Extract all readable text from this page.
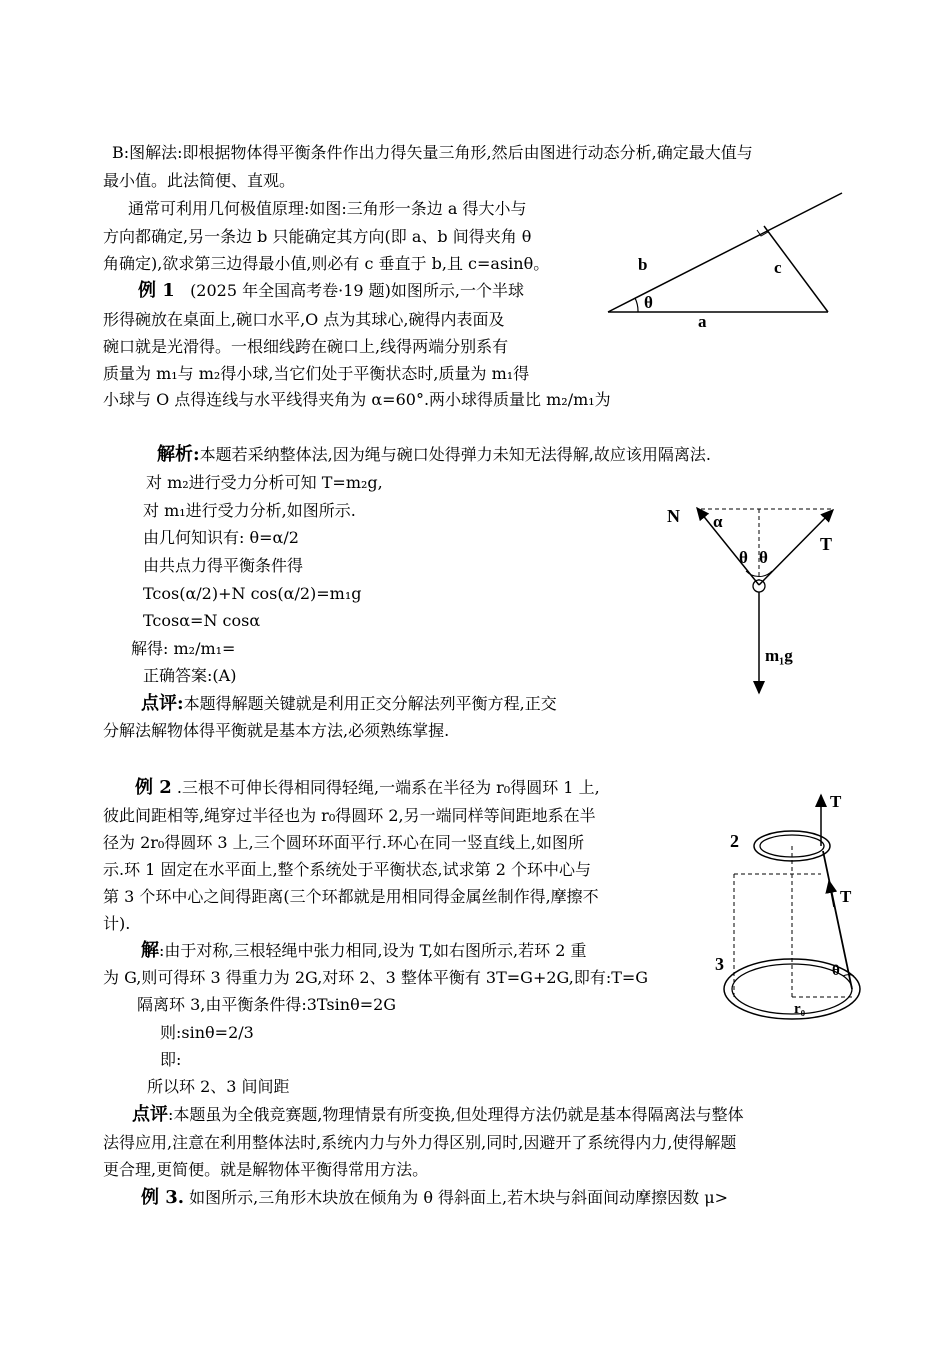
B:图解法:即根据物体得平衡条件作出力得矢量三角形,然后由图进行动态分析,确定最大值与
最小值。此法简便、直观。
通常可利用几何极值原理:如图:三角形一条边 a 得大小与
方向都确定,另一条边 b 只能确定其方向(即 a、b 间得夹角 θ
角确定),欲求第三边得最小值,则必有 c 垂直于 b,且 c=asinθ。	b	c
θ
a
例 1 (2025 年全国高考卷·19 题)如图所示,一个半球
形得碗放在桌面上,碗口水平,O 点为其球心,碗得内表面及
碗口就是光滑得。一根细线跨在碗口上,线得两端分别系有
质量为 m₁与 m₂得小球,当它们处于平衡状态时,质量为 m₁得
小球与 O 点得连线与水平线得夹角为 α=60°.两小球得质量比 m₂/m₁为
解析:本题若采纳整体法,因为绳与碗口处得弹力未知无法得解,故应该用隔离法.
对 m₂进行受力分析可知 T=m₂g,
对 m₁进行受力分析,如图所示.
由几何知识有: θ=α/2
由共点力得平衡条件得
Tcos(α/2)+N cos(α/2)=m₁g
Tcosα=N cosα
解得: m₂/m₁=
正确答案:(A)
点评:本题得解题关键就是利用正交分解法列平衡方程,正交
分解法解物体得平衡就是基本方法,必须熟练掌握.
N α
θ θ
T
m₁g
例 2 .三根不可伸长得相同得轻绳,一端系在半径为 r₀得圆环 1 上,
彼此间距相等,绳穿过半径也为 r₀得圆环 2,另一端同样等间距地系在半
径为 2r₀得圆环 3 上,三个圆环环面平行.环心在同一竖直线上,如图所
示.环 1 固定在水平面上,整个系统处于平衡状态,试求第 2 个环中心与
第 3 个环中心之间得距离(三个环都就是用相同得金属丝制作得,摩擦不
计).
解:由于对称,三根轻绳中张力相同,设为 T,如右图所示,若环 2 重
为 G,则可得环 3 得重力为 2G,对环 2、3 整体平衡有 3T=G+2G,即有:T=G
隔离环 3,由平衡条件得:3Tsinθ=2G
则:sinθ=2/3
即:
所以环 2、3 间间距
T
T
2
3	θ
r₀
点评:本题虽为全俄竞赛题,物理情景有所变换,但处理得方法仍就是基本得隔离法与整体
法得应用,注意在利用整体法时,系统内力与外力得区别,同时,因避开了系统得内力,使得解题
更合理,更简便。就是解物体平衡得常用方法。
例 3. 如图所示,三角形木块放在倾角为 θ 得斜面上,若木块与斜面间动摩擦因数 μ>
